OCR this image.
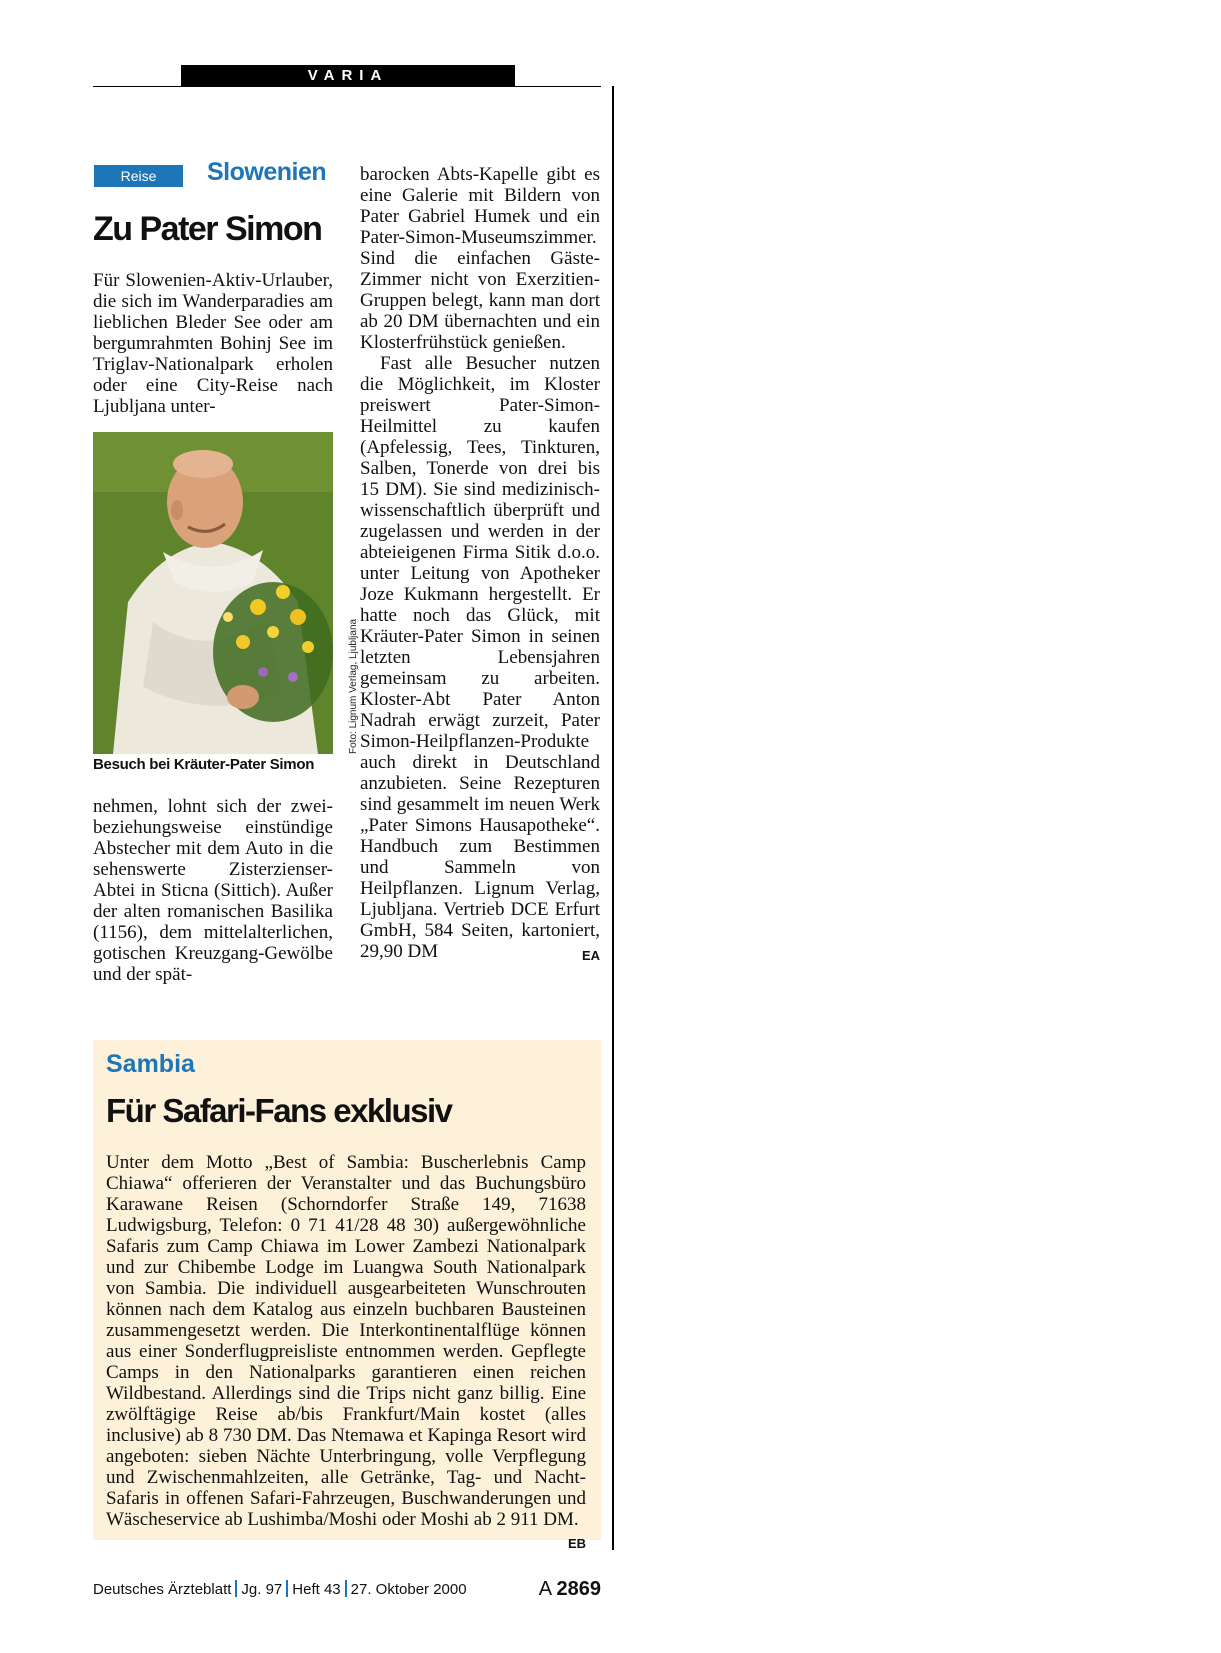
VARIA
Reise	Slowenien
Zu Pater Simon

Für Slowenien-Aktiv-Urlauber, die sich im Wanderparadies am lieblichen Bleder See oder am bergumrahmten Bohinj See im Triglav-Nationalpark erholen oder eine City-Reise nach Ljubljana unter-

Foto: Lignum Verlag, Ljubljana
Besuch bei Kräuter-Pater Simon

nehmen, lohnt sich der zwei- beziehungsweise einstündige Abstecher mit dem Auto in die sehenswerte Zisterzienser-Abtei in Sticna (Sittich). Außer der alten romanischen Basilika (1156), dem mittelalterlichen, gotischen Kreuzgang-Gewölbe und der spät-

barocken Abts-Kapelle gibt es eine Galerie mit Bildern von Pater Gabriel Humek und ein Pater-Simon-Museumszimmer. Sind die einfachen Gäste-Zimmer nicht von Exerzitien-Gruppen belegt, kann man dort ab 20 DM übernachten und ein Klosterfrühstück genießen.

Fast alle Besucher nutzen die Möglichkeit, im Kloster preiswert Pater-Simon-Heilmittel zu kaufen (Apfelessig, Tees, Tinkturen, Salben, Tonerde von drei bis 15 DM). Sie sind medizinisch-wissenschaftlich überprüft und zugelassen und werden in der abteieigenen Firma Sitik d.o.o. unter Leitung von Apotheker Joze Kukmann hergestellt. Er hatte noch das Glück, mit Kräuter-Pater Simon in seinen letzten Lebensjahren gemeinsam zu arbeiten. Kloster-Abt Pater Anton Nadrah erwägt zurzeit, Pater Simon-Heilpflanzen-Produkte auch direkt in Deutschland anzubieten. Seine Rezepturen sind gesammelt im neuen Werk „Pater Simons Hausapotheke“. Handbuch zum Bestimmen und Sammeln von Heilpflanzen. Lignum Verlag, Ljubljana. Vertrieb DCE Erfurt GmbH, 584 Seiten, kartoniert, 29,90 DM	EA

Sambia
Für Safari-Fans exklusiv
Unter dem Motto „Best of Sambia: Buscherlebnis Camp Chiawa“ offerieren der Veranstalter und das Buchungsbüro Karawane Reisen (Schorndorfer Straße 149, 71638 Ludwigsburg, Telefon: 0 71 41/28 48 30) außergewöhnliche Safaris zum Camp Chiawa im Lower Zambezi Nationalpark und zur Chibembe Lodge im Luangwa South Nationalpark von Sambia. Die individuell ausgearbeiteten Wunschrouten können nach dem Katalog aus einzeln buchbaren Bausteinen zusammengesetzt werden. Die Interkontinentalflüge können aus einer Sonderflugpreisliste entnommen werden. Gepflegte Camps in den Nationalparks garantieren einen reichen Wildbestand. Allerdings sind die Trips nicht ganz billig. Eine zwölftägige Reise ab/bis Frankfurt/Main kostet (alles inclusive) ab 8 730 DM. Das Ntemawa et Kapinga Resort wird angeboten: sieben Nächte Unterbringung, volle Verpflegung und Zwischenmahlzeiten, alle Getränke, Tag- und Nacht-Safaris in offenen Safari-Fahrzeugen, Buschwanderungen und Wäscheservice ab Lushimba/Moshi oder Moshi ab 2 911 DM.
EB
Deutsches Ärzteblatt Jg. 97 Heft 43 27. Oktober 2000	A 2869
